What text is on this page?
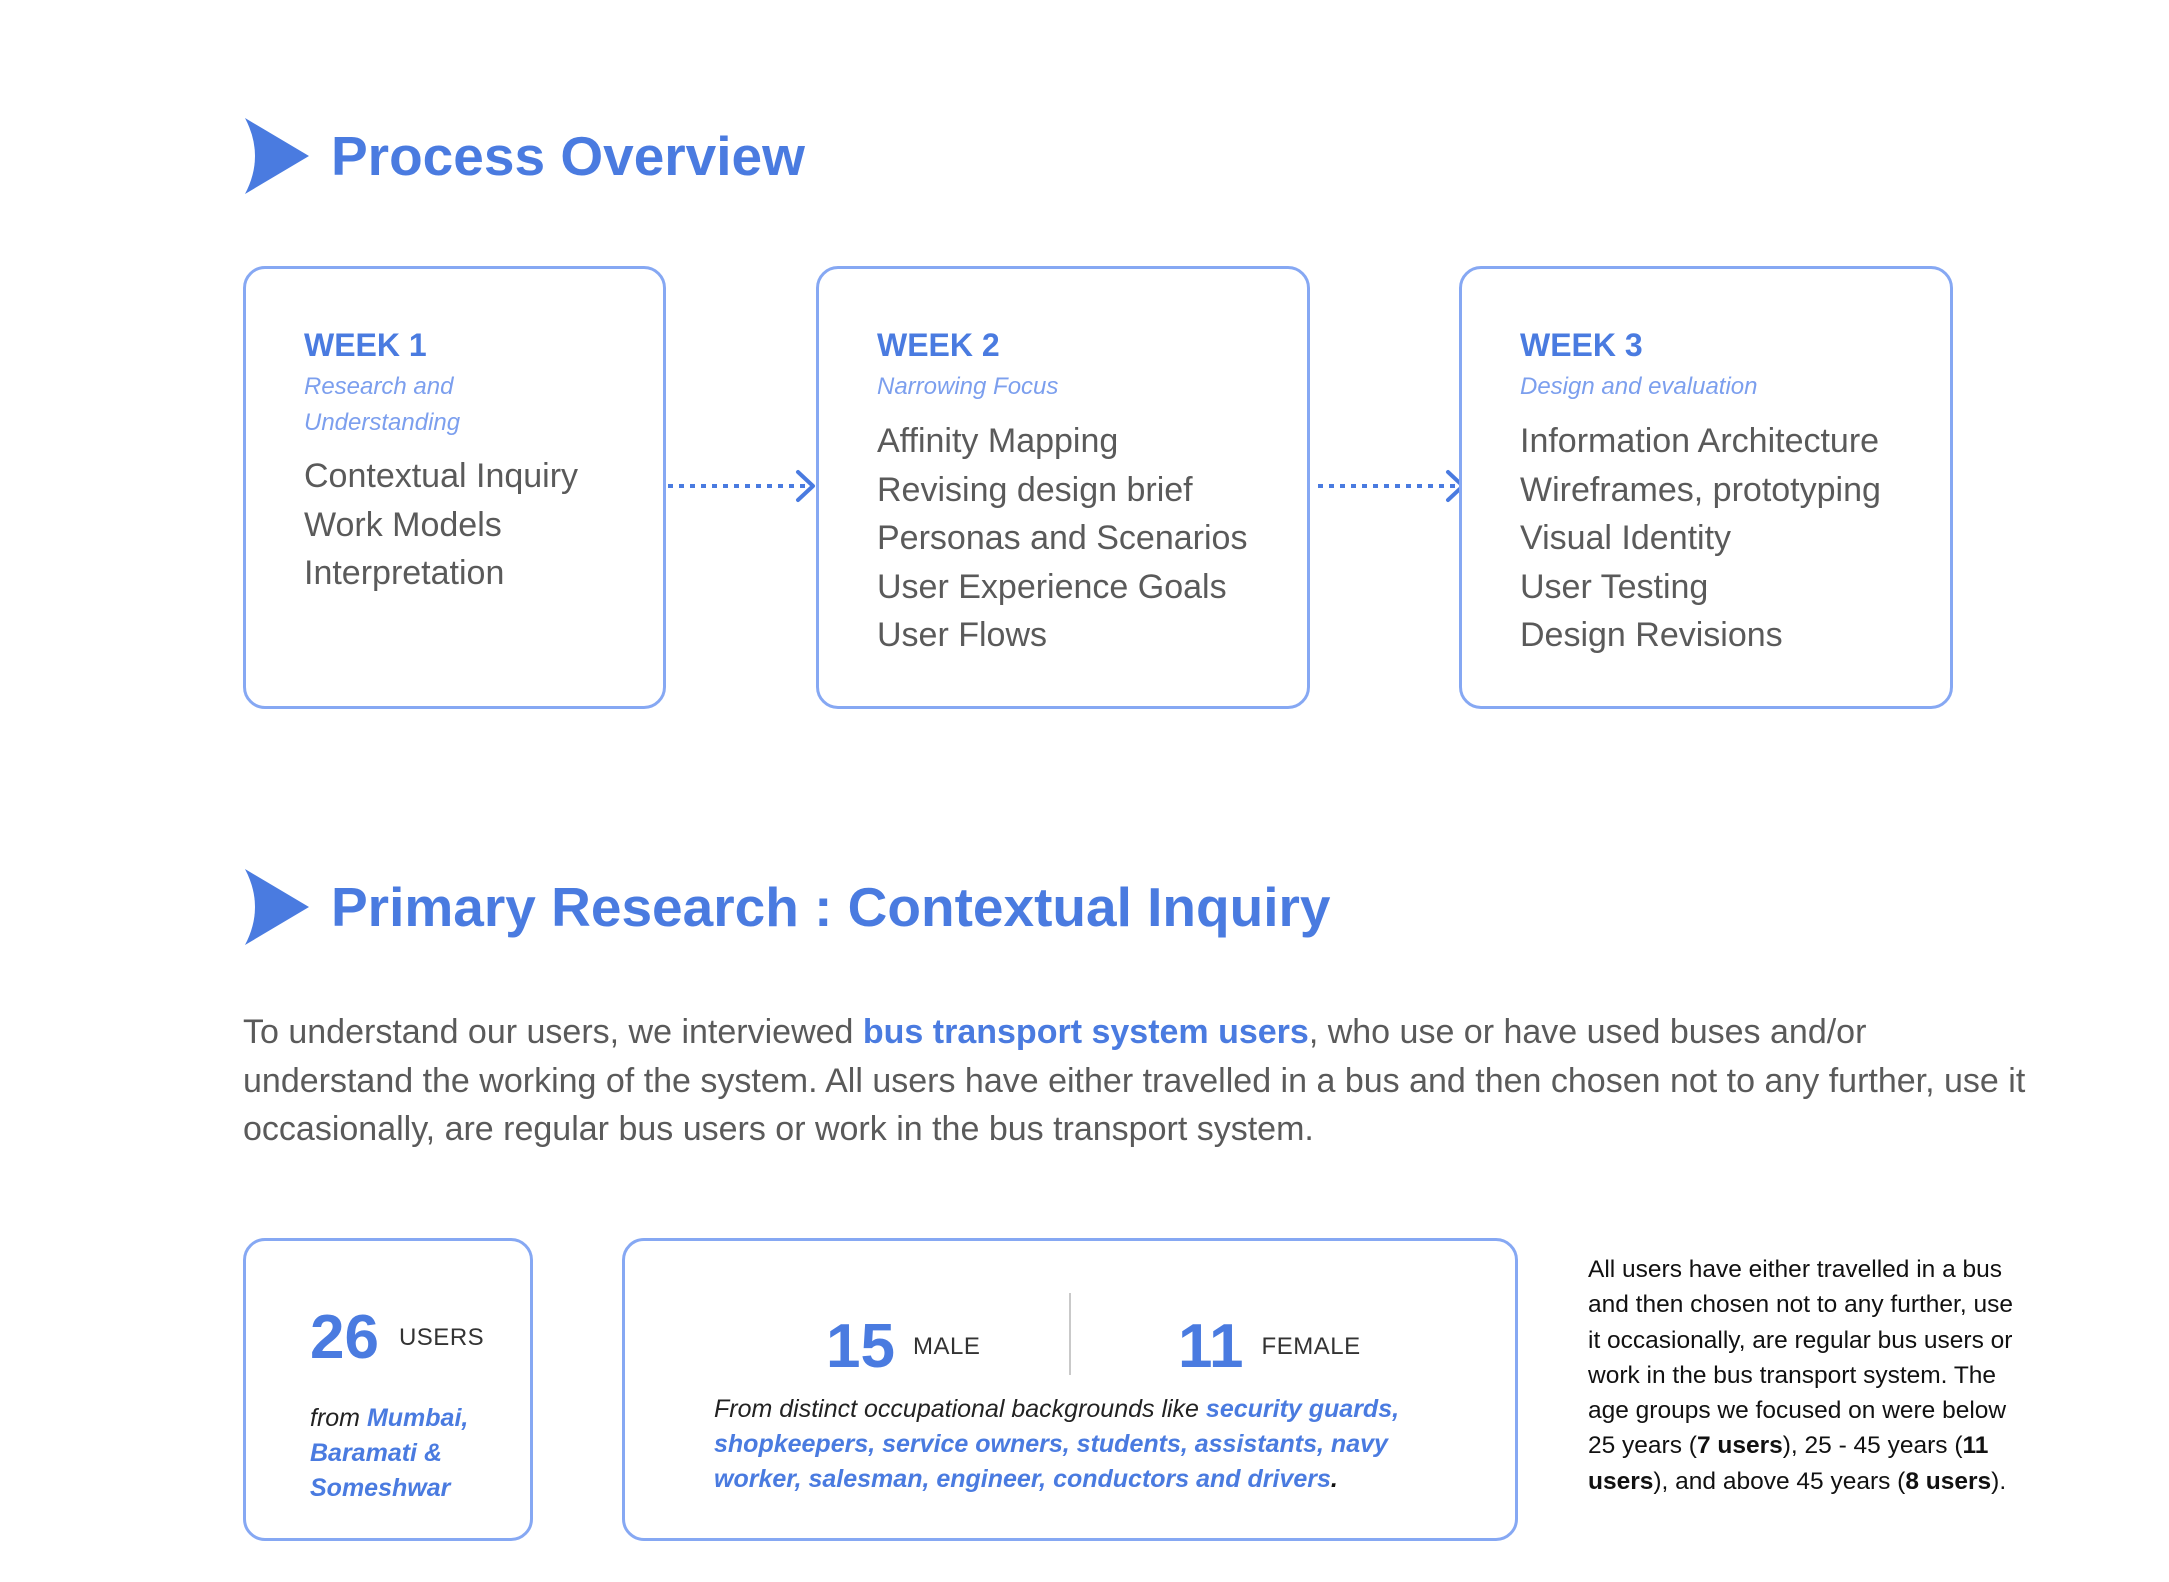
Process Overview
WEEK 1
Research and Understanding
Contextual Inquiry
Work Models
Interpretation
WEEK 2
Narrowing Focus
Affinity Mapping
Revising design brief
Personas and Scenarios
User Experience Goals
User Flows
WEEK 3
Design and evaluation
Information Architecture
Wireframes, prototyping
Visual Identity
User Testing
Design Revisions
Primary Research : Contextual Inquiry

To understand our users, we interviewed bus transport system users, who use or have used buses and/or understand the working of the system. All users have either travelled in a bus and then chosen not to any further, use it occasionally, are regular bus users or work in the bus transport system.

26 USERS

from Mumbai, Baramati & Someshwar

15 MALE	11 FEMALE

From distinct occupational backgrounds like security guards, shopkeepers, service owners, students, assistants, navy worker, salesman, engineer, conductors and drivers.

All users have either travelled in a bus and then chosen not to any further, use it occasionally, are regular bus users or work in the bus transport system. The age groups we focused on were below 25 years (7 users), 25 - 45 years (11 users), and above 45 years (8 users).
